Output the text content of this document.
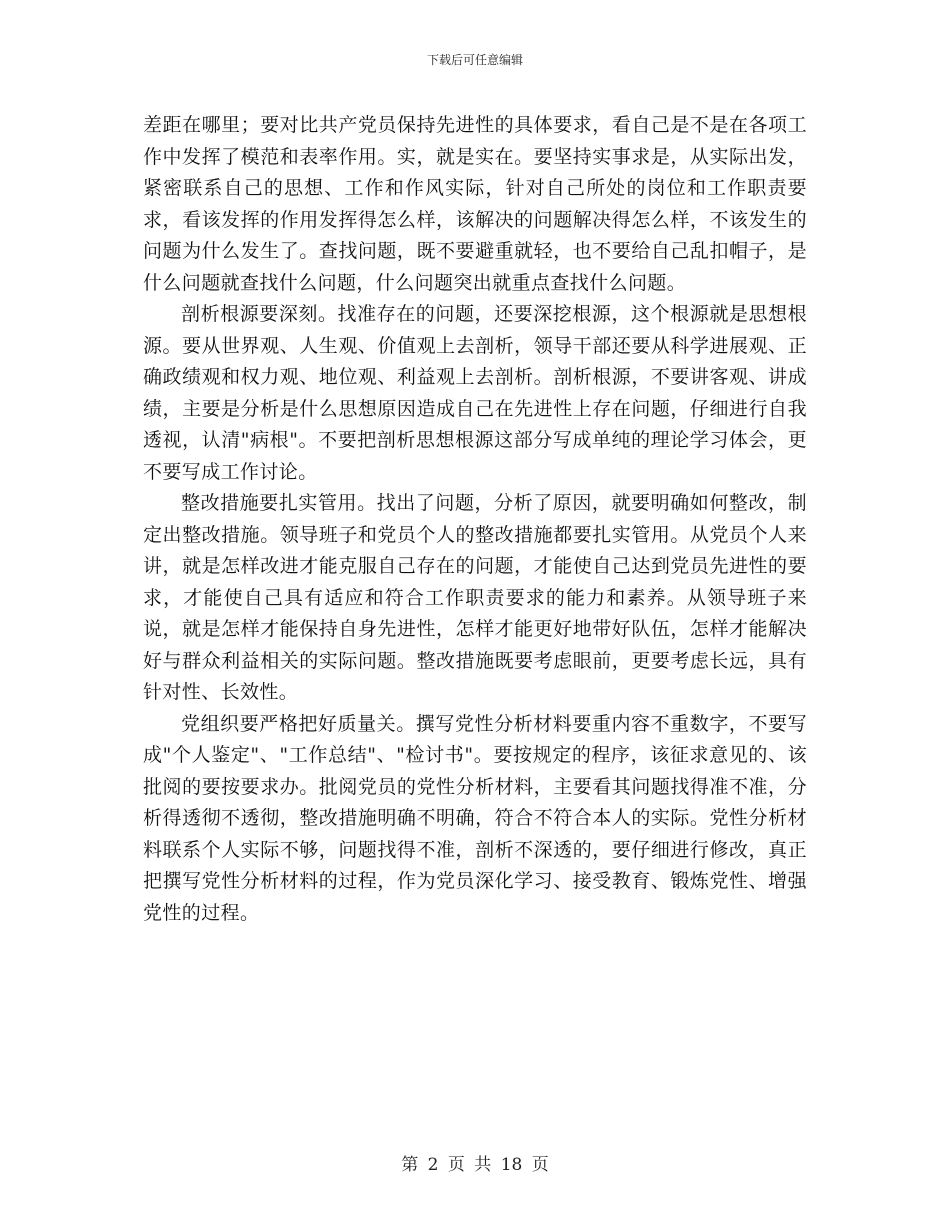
下载后可任意编辑

差距在哪里；要对比共产党员保持先进性的具体要求，看自己是不是在各项工作中发挥了模范和表率作用。实，就是实在。要坚持实事求是，从实际出发，紧密联系自己的思想、工作和作风实际，针对自己所处的岗位和工作职责要求，看该发挥的作用发挥得怎么样，该解决的问题解决得怎么样，不该发生的问题为什么发生了。查找问题，既不要避重就轻，也不要给自己乱扣帽子，是什么问题就查找什么问题，什么问题突出就重点查找什么问题。

剖析根源要深刻。找准存在的问题，还要深挖根源，这个根源就是思想根源。要从世界观、人生观、价值观上去剖析，领导干部还要从科学进展观、正确政绩观和权力观、地位观、利益观上去剖析。剖析根源，不要讲客观、讲成绩，主要是分析是什么思想原因造成自己在先进性上存在问题，仔细进行自我透视，认清"病根"。不要把剖析思想根源这部分写成单纯的理论学习体会，更不要写成工作讨论。

整改措施要扎实管用。找出了问题，分析了原因，就要明确如何整改，制定出整改措施。领导班子和党员个人的整改措施都要扎实管用。从党员个人来讲，就是怎样改进才能克服自己存在的问题，才能使自己达到党员先进性的要求，才能使自己具有适应和符合工作职责要求的能力和素养。从领导班子来说，就是怎样才能保持自身先进性，怎样才能更好地带好队伍，怎样才能解决好与群众利益相关的实际问题。整改措施既要考虑眼前，更要考虑长远，具有针对性、长效性。

党组织要严格把好质量关。撰写党性分析材料要重内容不重数字，不要写成"个人鉴定"、"工作总结"、"检讨书"。要按规定的程序，该征求意见的、该批阅的要按要求办。批阅党员的党性分析材料，主要看其问题找得准不准，分析得透彻不透彻，整改措施明确不明确，符合不符合本人的实际。党性分析材料联系个人实际不够，问题找得不准，剖析不深透的，要仔细进行修改，真正把撰写党性分析材料的过程，作为党员深化学习、接受教育、锻炼党性、增强党性的过程。

第 2 页 共 18 页
